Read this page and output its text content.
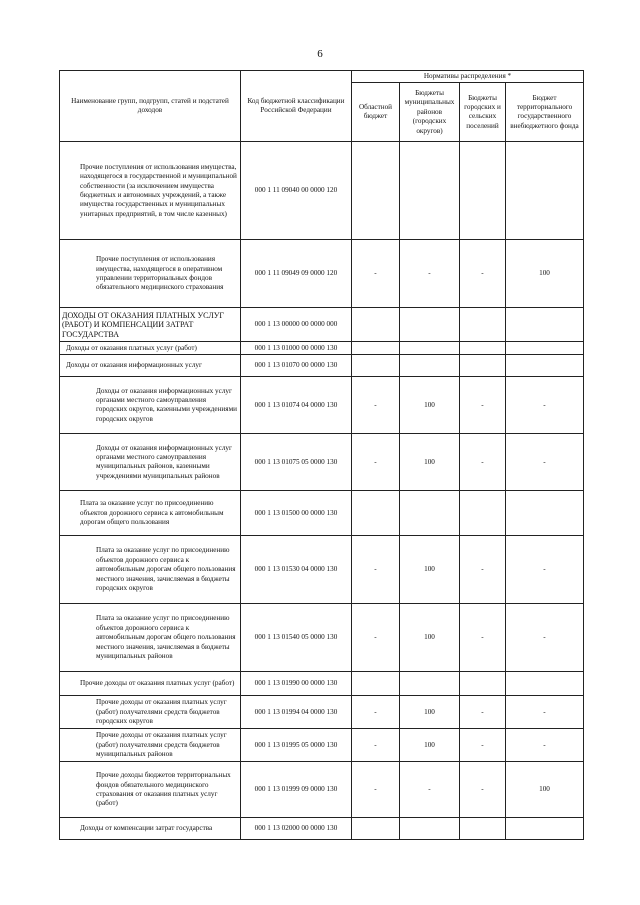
6
Наименование групп, подгрупп, статей и подстатей доходов	Код бюджетной классификации Российской Федерации	Нормативы распределения *			
		Областной бюджет	Бюджеты муниципальных районов (городских округов)	Бюджеты городских и сельских поселений	Бюджет территориального государственного внебюджетного фонда
Прочие поступления от использования имущества, находящегося в государственной и муниципальной собственности (за исключением имущества бюджетных и автономных учреждений, а также имущества государственных и муниципальных унитарных предприятий, в том числе казенных)	000 1 11 09040 00 0000 120				
Прочие поступления от использования имущества, находящегося в оперативном управлении территориальных фондов обязательного медицинского страхования	000 1 11 09049 09 0000 120	-	-	-	100
ДОХОДЫ ОТ ОКАЗАНИЯ ПЛАТНЫХ УСЛУГ (РАБОТ) И КОМПЕНСАЦИИ ЗАТРАТ ГОСУДАРСТВА	000 1 13 00000 00 0000 000				
Доходы от оказания платных услуг (работ)	000 1 13 01000 00 0000 130				
Доходы от оказания информационных услуг	000 1 13 01070 00 0000 130				
Доходы от оказания информационных услуг органами местного самоуправления городских округов, казенными учреждениями городских округов	000 1 13 01074 04 0000 130	-	100	-	-
Доходы от оказания информационных услуг органами местного самоуправления муниципальных районов, казенными учреждениями муниципальных районов	000 1 13 01075 05 0000 130	-	100	-	-
Плата за оказание услуг по присоединению объектов дорожного сервиса к автомобильным дорогам общего пользования	000 1 13 01500 00 0000 130				
Плата за оказание услуг по присоединению объектов дорожного сервиса к автомобильным дорогам общего пользования местного значения, зачисляемая в бюджеты городских округов	000 1 13 01530 04 0000 130	-	100	-	-
Плата за оказание услуг по присоединению объектов дорожного сервиса к автомобильным дорогам общего пользования местного значения, зачисляемая в бюджеты муниципальных районов	000 1 13 01540 05 0000 130	-	100	-	-
Прочие доходы от оказания платных услуг (работ)	000 1 13 01990 00 0000 130				
Прочие доходы от оказания платных услуг (работ) получателями средств бюджетов городских округов	000 1 13 01994 04 0000 130	-	100	-	-
Прочие доходы от оказания платных услуг (работ) получателями средств бюджетов муниципальных районов	000 1 13 01995 05 0000 130	-	100	-	-
Прочие доходы бюджетов территориальных фондов обязательного медицинского страхования от оказания платных услуг (работ)	000 1 13 01999 09 0000 130	-	-	-	100
Доходы от компенсации затрат государства	000 1 13 02000 00 0000 130				
